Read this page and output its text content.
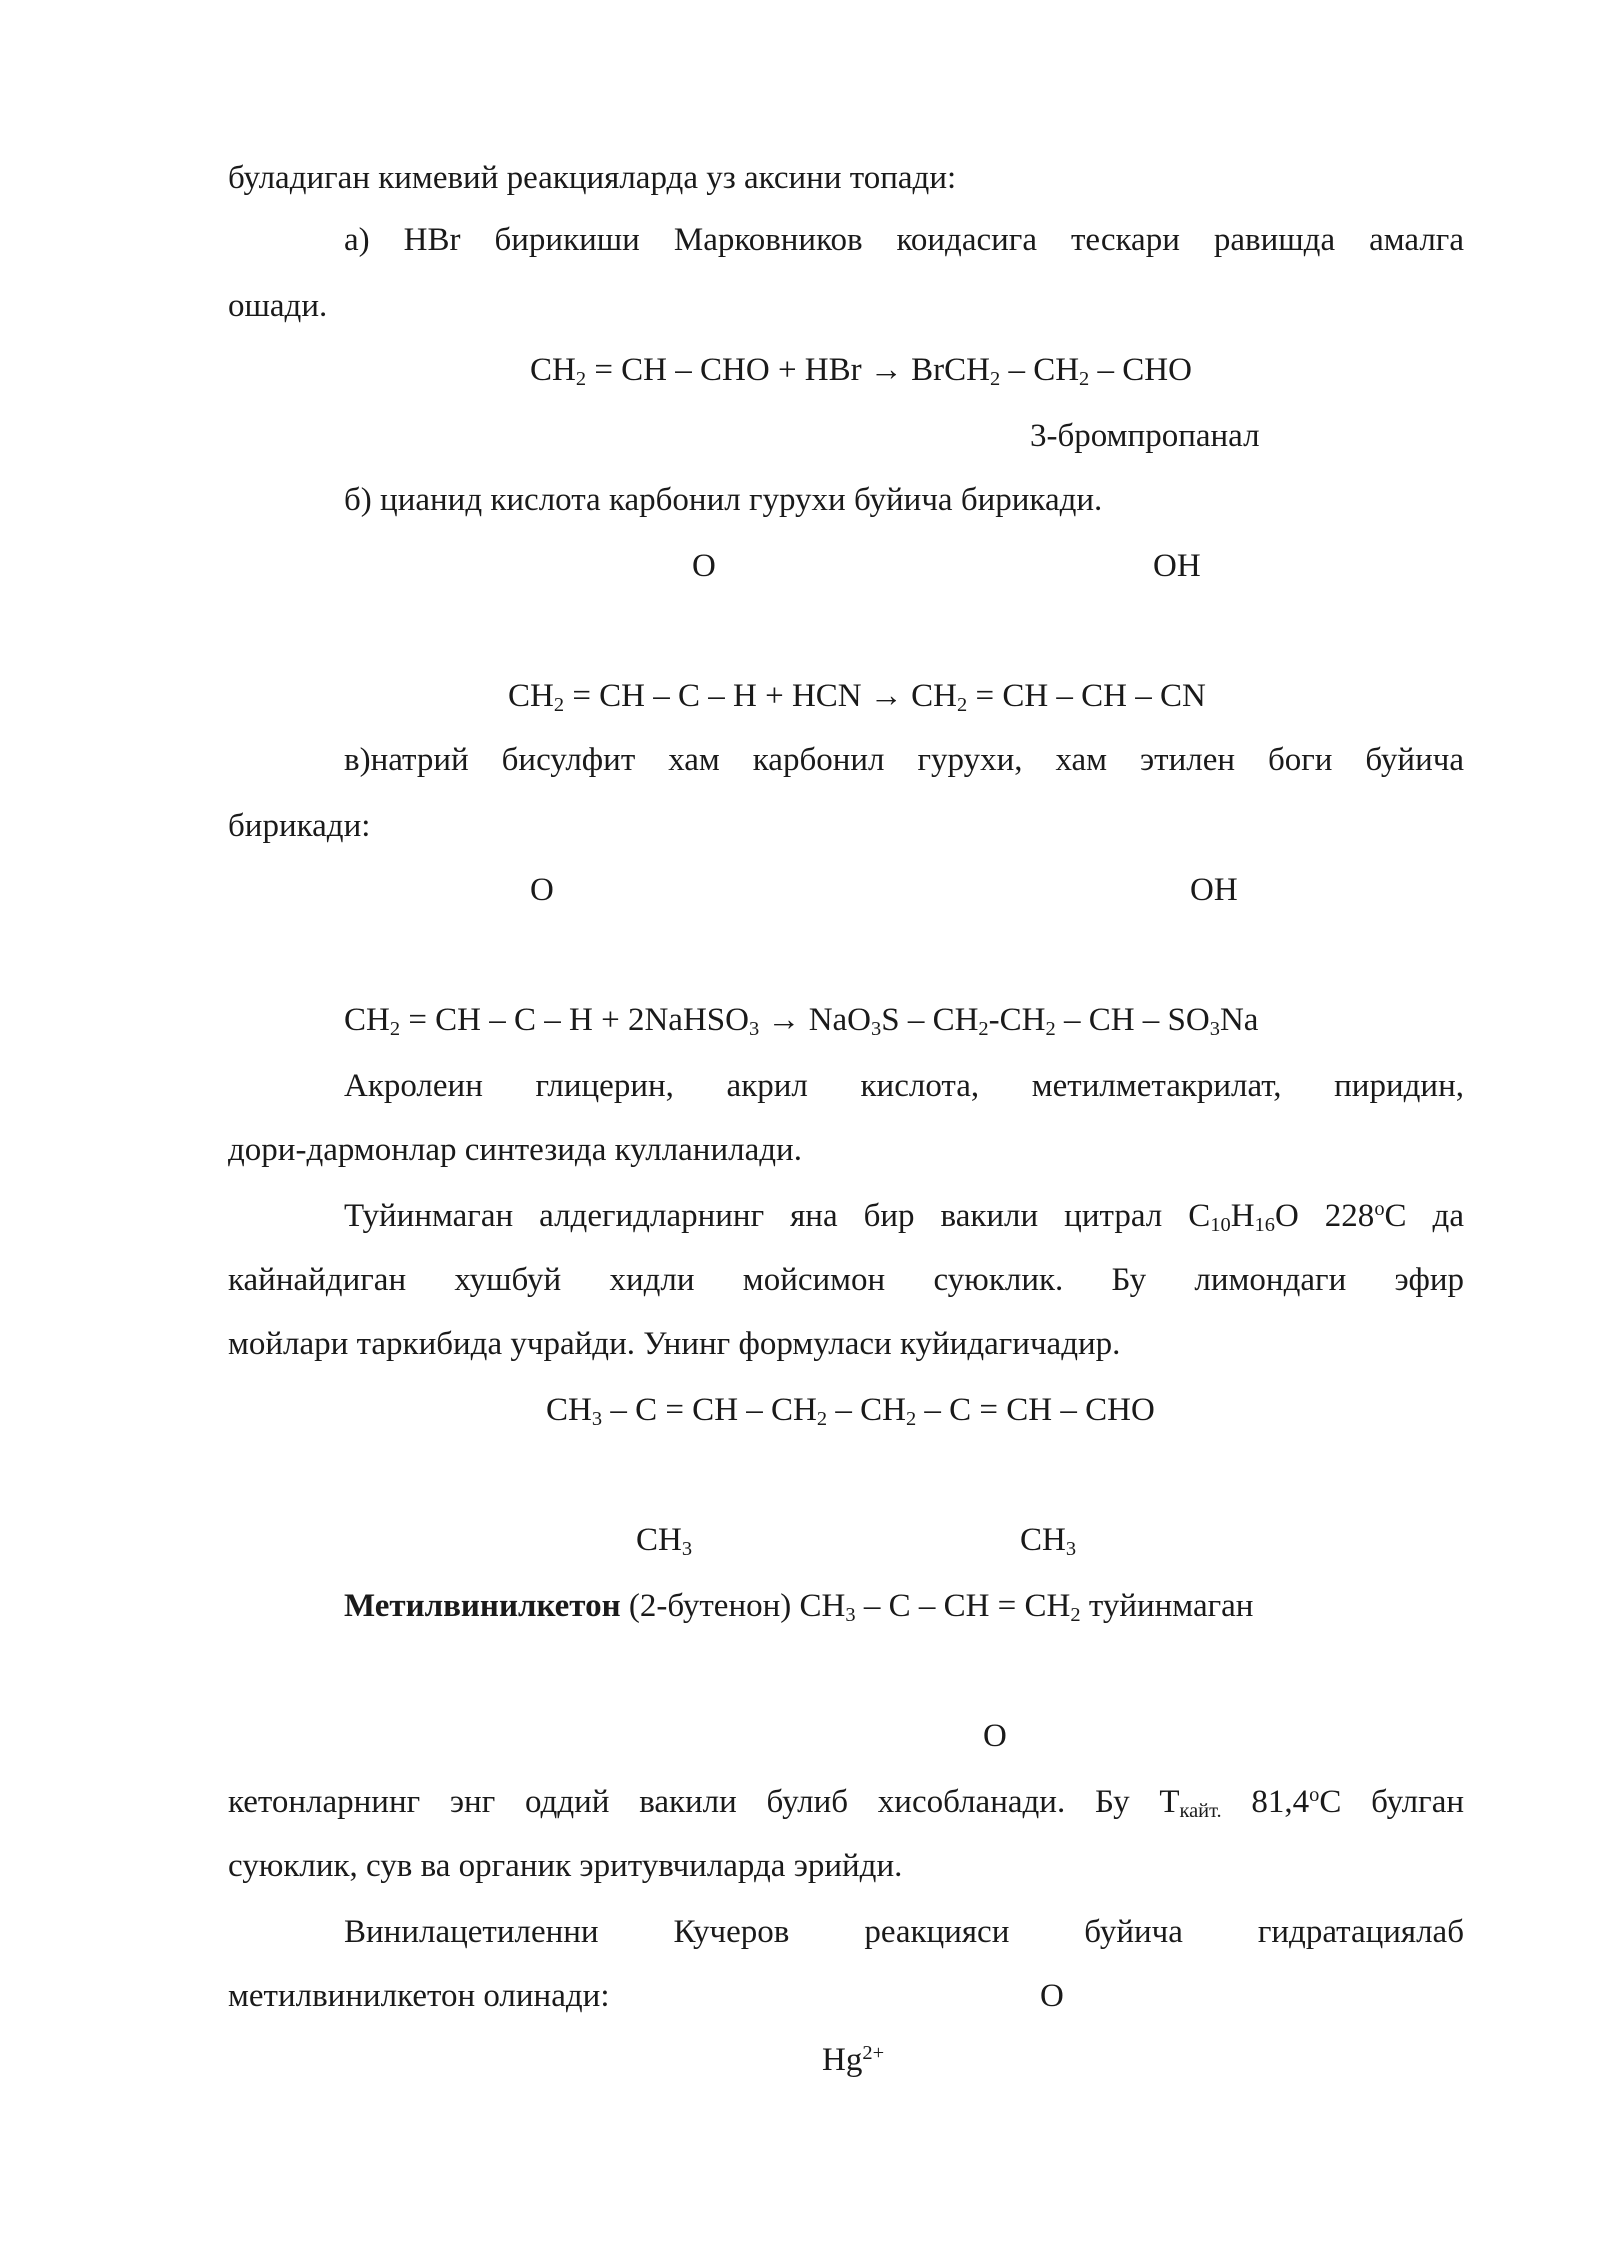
буладиган кимевий реакцияларда уз аксини топади:
а) HBr бирикиши Марковников коидасига тескари равишда амалга
ошади.
$CH_2$ = CH – CHO + HBr → BrCH$_2$ – $CH_2$ – CHO
3-бромпропанал
б) цианид кислота карбонил гурухи буйича бирикади.
O	OH
$CH_2$ = CH – C – H + HCN → $CH_2$ = CH – CH – CN
в)натрий бисулфит хам карбонил гурухи, хам этилен боги буйича
бирикади:
O	OH
$CH_2$ = CH – C – H + 2NaHSO$_3$ → $NaO_3S - CH_2-CH_2$ – CH – $SO_3Na$
Акролеин глицерин, акрил кислота, метилметакрилат, пиридин,
дори-дармонлар синтезида кулланилади.
Туйинмаган алдегидларнинг яна бир вакили цитрал $C_{10}H_{16}O$ 228$^o$C да
кайнайдиган хушбуй хидли мойсимон суюклик. Бу лимондаги эфир
мойлари таркибида учрайди. Унинг формуласи куйидагичадир.
$CH_3$ – C = CH – $CH_2 - CH_2$ – C = CH – CHO
$CH_3$	$CH_3$
Метилвинилкетон (2-бутенон) $CH_3$ – C – CH = $CH_2$ туйинмаган
O
кетонларнинг энг оддий вакили булиб хисобланади. Бу $Т_{кайт.}$ 81,4$^o$C булган
суюклик, сув ва органик эритувчиларда эрийди.
Винилацетиленни Кучеров реакцияси буйича гидратациялаб
метилвинилкетон олинади:	O
$Hg^{2+}$
